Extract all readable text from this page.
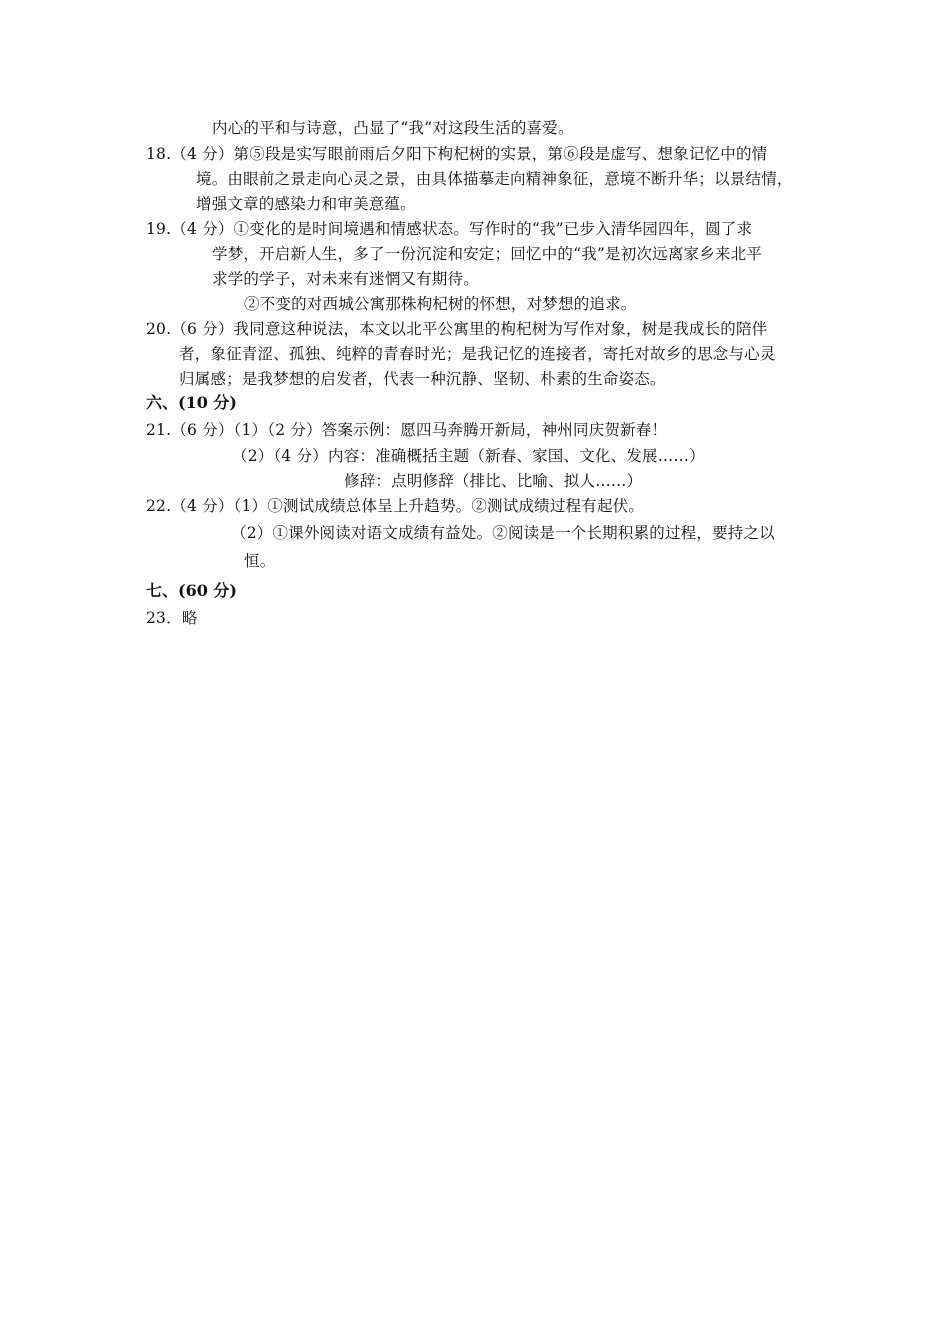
内心的平和与诗意，凸显了“我”对这段生活的喜爱。
18.（4 分）第⑤段是实写眼前雨后夕阳下枸杞树的实景，第⑥段是虚写、想象记忆中的情
境。由眼前之景走向心灵之景，由具体描摹走向精神象征，意境不断升华；以景结情，
增强文章的感染力和审美意蕴。
19.（4 分）①变化的是时间境遇和情感状态。写作时的“我”已步入清华园四年，圆了求
学梦，开启新人生，多了一份沉淀和安定；回忆中的“我”是初次远离家乡来北平
求学的学子，对未来有迷惘又有期待。
②不变的对西城公寓那株枸杞树的怀想，对梦想的追求。
20.（6 分）我同意这种说法，本文以北平公寓里的枸杞树为写作对象，树是我成长的陪伴
者，象征青涩、孤独、纯粹的青春时光；是我记忆的连接者，寄托对故乡的思念与心灵
归属感；是我梦想的启发者，代表一种沉静、坚韧、朴素的生命姿态。
六、(10 分)
21.（6 分）（1）（2 分）答案示例：愿四马奔腾开新局，神州同庆贺新春！
（2）（4 分）内容：准确概括主题（新春、家国、文化、发展……）
修辞：点明修辞（排比、比喻、拟人……）
22.（4 分）（1）①测试成绩总体呈上升趋势。②测试成绩过程有起伏。
（2）①课外阅读对语文成绩有益处。②阅读是一个长期积累的过程，要持之以
恒。
七、(60 分)
23．略
